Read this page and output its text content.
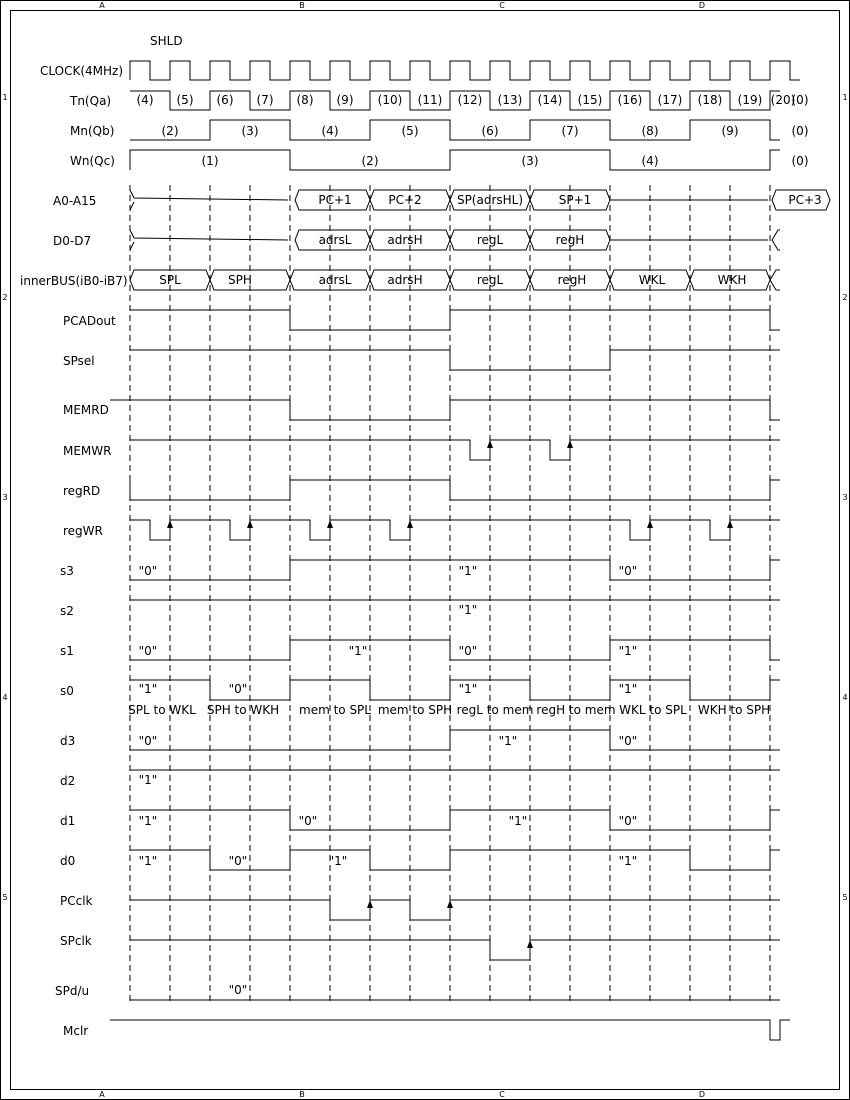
A
A
B
B
C
C
D
D
1	1
2	2
3	3
4	4
5	5
SHLD
CLOCK(4MHz)
Tn(Qa)
Mn(Qb)
Wn(Qc)
A0-A15
D0-D7
innerBUS(iB0-iB7)
PCADout
SPsel
MEMRD
MEMWR
regRD
regWR
s3
s2
s1
s0
d3
d2
d1
d0
PCclk
SPclk
SPd/u
Mclr
(4) (5) (6) (7) (8) (9) (10) (11) (12) (13) (14) (15) (16) (17) (18) (19) (20)
(0)
(2)	(3)	(4)	(5)	(6)	(7)	(8)	(9)	(0)
(1)	(2)	(3)	(4)	(0)
PC+1	PC+2	SP(adrsHL)	SP+1	PC+3
adrsL	adrsH	regL	regH
SPL	SPH	adrsL	adrsH	regL	regH	WKL	WKH
"0"	"1"	"0"
"1"
"0"	"1"	"0"	"1"
"1"	"0"	"1"	"1"
SPL to WKL SPH to WKH mem to SPL mem to SPH regL to mem regH to mem WKL to SPL WKH to SPH
"0"	"1"	"0"
"1"
"1"	"0"	"1"	"0"
"1"	"0"	"1"	"1"
"0"
